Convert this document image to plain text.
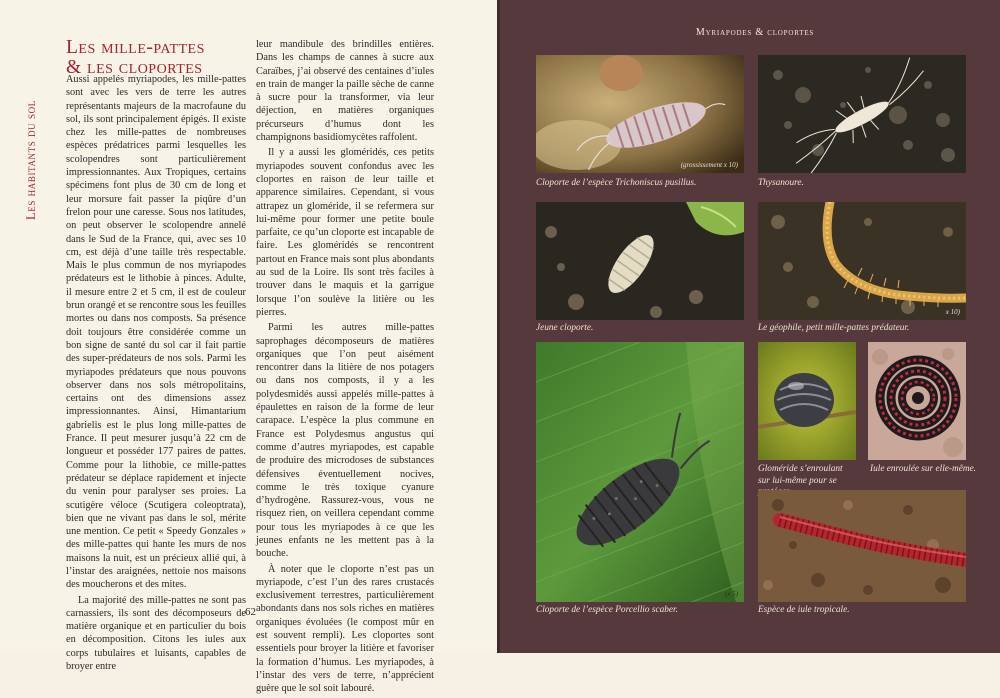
Les habitants du sol
Les mille-pattes
& les cloportes

Aussi appelés myriapodes, les mille-pattes sont avec les vers de terre les autres représentants majeurs de la macrofaune du sol, ils sont principalement épigés. Il existe chez les mille-pattes de nombreuses espèces prédatrices parmi lesquelles les scolopendres sont particulièrement impressionnantes. Aux Tropiques, certains spécimens font plus de 30 cm de long et leur morsure fait passer la piqûre d’un frelon pour une caresse. Sous nos latitudes, on peut observer le scolopendre annelé dans le Sud de la France, qui, avec ses 10 cm, est déjà d’une taille très respectable. Mais le plus commun de nos myriapodes prédateurs est le lithobie à pinces. Adulte, il mesure entre 2 et 5 cm, il est de couleur brun orangé et se rencontre sous les feuilles mortes ou dans nos composts. Sa présence doit toujours être considérée comme un bon signe de santé du sol car il fait partie des super-prédateurs de nos sols. Parmi les myriapodes prédateurs que nous pouvons observer dans nos sols métropolitains, certains ont des dimensions assez impressionnantes. Ainsi, Himantarium gabrielis est le plus long mille-pattes de France. Il peut mesurer jusqu’à 22 cm de longueur et posséder 177 paires de pattes. Comme pour la lithobie, ce mille-pattes prédateur se déplace rapidement et injecte du venin pour paralyser ses proies. La scutigère véloce (Scutigera coleoptrata), bien que ne vivant pas dans le sol, mérite une mention. Ce petit « Speedy Gonzales » des mille-pattes qui hante les murs de nos maisons la nuit, est un précieux allié qui, à l’instar des araignées, nettoie nos maisons des moucherons et des mites.

La majorité des mille-pattes ne sont pas carnassiers, ils sont des décomposeurs de matière organique et en particulier du bois en décomposition. Citons les iules aux corps tubulaires et luisants, capables de broyer entre

leur mandibule des brindilles entières. Dans les champs de cannes à sucre aux Caraïbes, j’ai observé des centaines d’iules en train de manger la paille sèche de canne à sucre pour la transformer, via leur déjection, en matières organiques précurseurs d’humus dont les champignons basidiomycètes raffolent.

Il y a aussi les gloméridés, ces petits myriapodes souvent confondus avec les cloportes en raison de leur taille et apparence similaires. Cependant, si vous attrapez un gloméride, il se refermera sur lui-même pour former une petite boule parfaite, ce qu’un cloporte est incapable de faire. Les gloméridés se rencontrent partout en France mais sont plus abondants au sud de la Loire. Ils sont très faciles à trouver dans le maquis et la garrigue lorsque l’on soulève la litière ou les pierres.

Parmi les autres mille-pattes saprophages décomposeurs de matières organiques que l’on peut aisément rencontrer dans la litière de nos potagers ou dans nos composts, il y a les polydesmidés aussi appelés mille-pattes à épaulettes en raison de la forme de leur carapace. L’espèce la plus commune en France est Polydesmus angustus qui comme d’autres myriapodes, est capable de produire des microdoses de substances défensives éventuellement nocives, comme le très toxique cyanure d’hydrogène. Rassurez-vous, vous ne risquez rien, on veillera cependant comme pour tous les myriapodes à ce que les jeunes enfants ne les mettent pas à la bouche.

À noter que le cloporte n’est pas un myriapode, c’est l’un des rares crustacés exclusivement terrestres, particulièrement abondants dans nos sols riches en matières organiques évoluées (le compost mûr en est souvent rempli). Les cloportes sont essentiels pour broyer la litière et favoriser la formation d’humus. Les myriapodes, à l’instar des vers de terre, n’apprécient guère que le sol soit labouré.

62
Myriapodes & cloportes
(grossissement x 10)
Cloporte de l’espèce Trichoniscus pusillus.	Thysanoure.
Jeune cloporte.
x 10)
Le géophile, petit mille-pattes prédateur.
(x 5)
Cloporte de l’espèce Porcellio scaber.
Gloméride s’enroulant
sur lui-même pour se
Iule enroulée sur elle-même.
Espèce de iule tropicale.
